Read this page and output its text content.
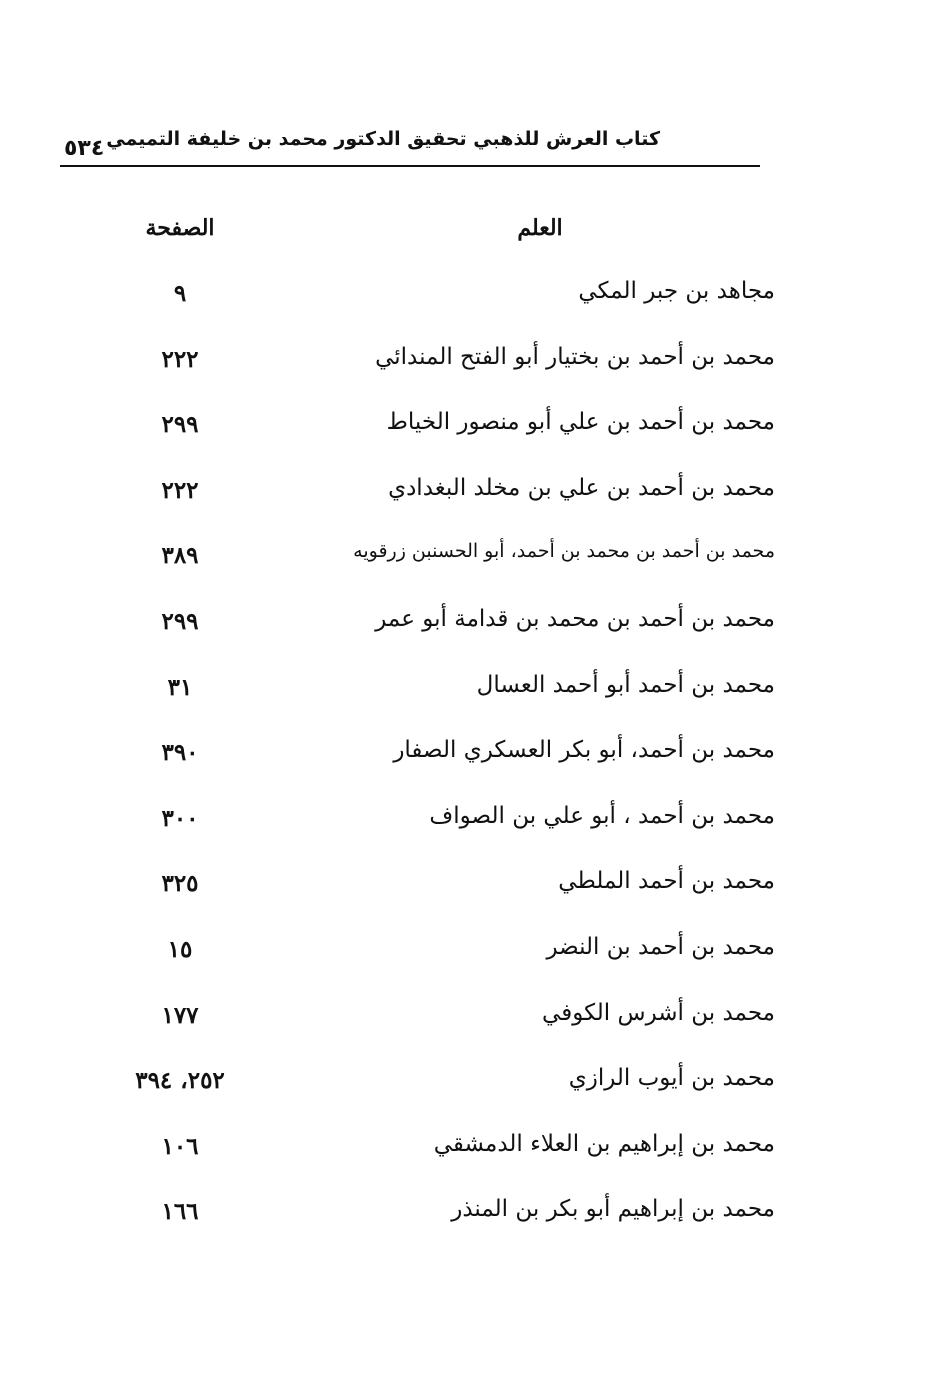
كتاب العرش للذهبي تحقيق الدكتور محمد بن خليفة التميمي
٥٣٤
العلم
الصفحة
مجاهد بن جبر المكي
٩
محمد بن أحمد بن بختيار أبو الفتح المندائي
٢٢٢
محمد بن أحمد بن علي أبو منصور الخياط
٢٩٩
محمد بن أحمد بن علي بن مخلد البغدادي
٢٢٢
محمد بن أحمد بن محمد بن أحمد، أبو الحسنبن زرقويه
٣٨٩
محمد بن أحمد بن محمد بن قدامة أبو عمر
٢٩٩
محمد بن أحمد أبو أحمد العسال
٣١
محمد بن أحمد، أبو بكر العسكري الصفار
٣٩٠
محمد بن أحمد ، أبو علي بن الصواف
٣٠٠
محمد بن أحمد الملطي
٣٢٥
محمد بن أحمد بن النضر
١٥
محمد بن أشرس الكوفي
١٧٧
محمد بن أيوب الرازي
٢٥٢، ٣٩٤
محمد بن إبراهيم بن العلاء الدمشقي
١٠٦
محمد بن إبراهيم أبو بكر بن المنذر
١٦٦
